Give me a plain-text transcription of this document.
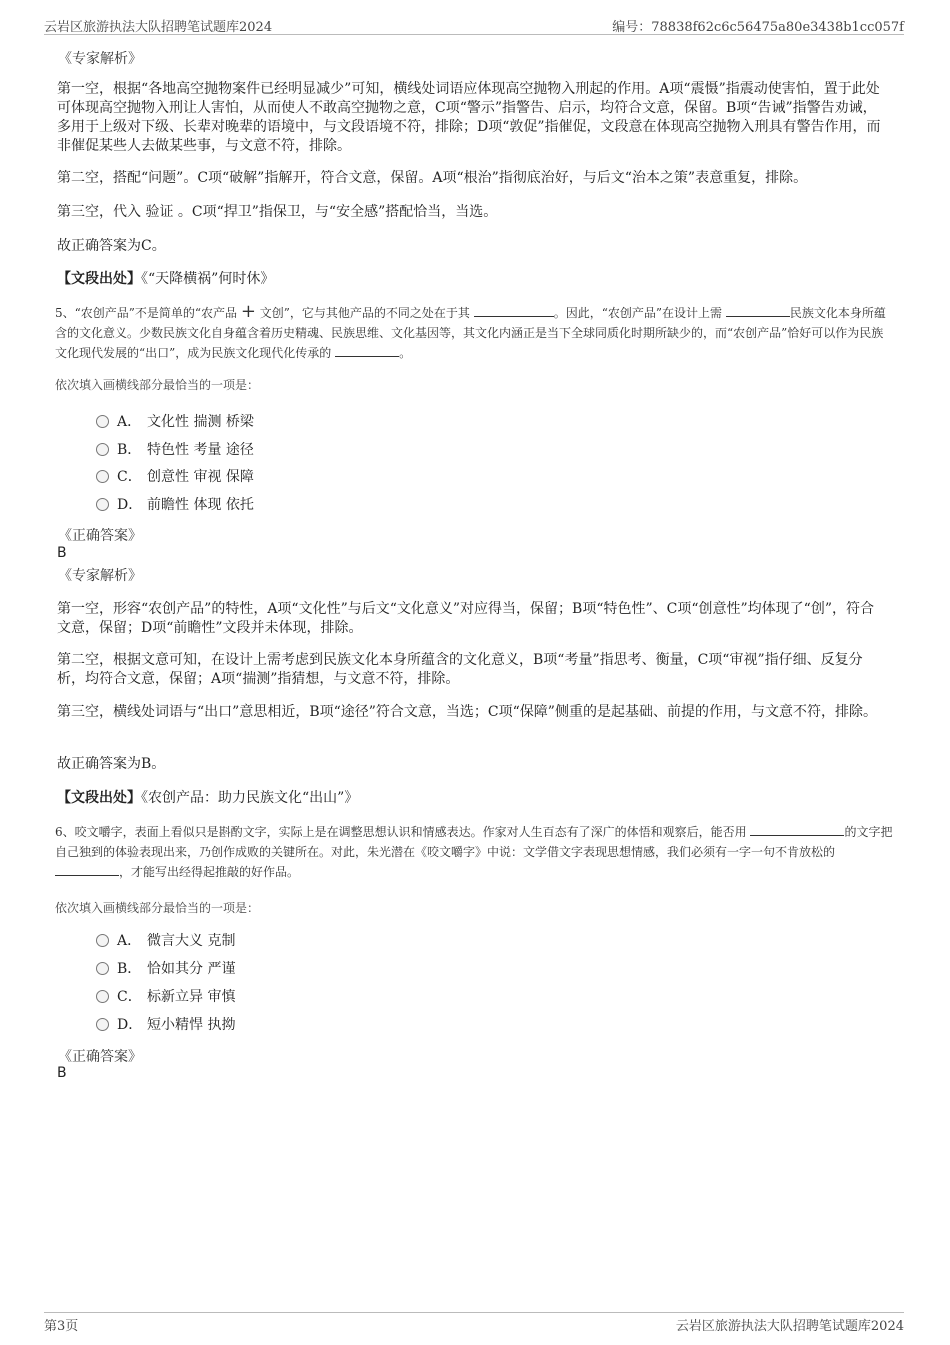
云岩区旅游执法大队招聘笔试题库2024	编号：78838f62c6c56475a80e3438b1cc057f
《专家解析》
第一空，根据“各地高空抛物案件已经明显减少”可知，横线处词语应体现高空抛物入刑起的作用。A项“震慑”指震动使害怕，置于此处可体现高空抛物入刑让人害怕，从而使人不敢高空抛物之意，C项“警示”指警告、启示，均符合文意，保留。B项“告诫”指警告劝诫，多用于上级对下级、长辈对晚辈的语境中，与文段语境不符，排除；D项“敦促”指催促，文段意在体现高空抛物入刑具有警告作用，而非催促某些人去做某些事，与文意不符，排除。
第二空，搭配“问题”。C项“破解”指解开，符合文意，保留。A项“根治”指彻底治好，与后文“治本之策”表意重复，排除。
第三空，代入 验证 。C项“捍卫”指保卫，与“安全感”搭配恰当，当选。
故正确答案为C。
【文段出处】《“天降横祸”何时休》
5、“农创产品”不是简单的“农产品 + 文创”，它与其他产品的不同之处在于其	。因此，“农创产品”在设计上需	民族文化本身所蕴含的文化意义。少数民族文化自身蕴含着历史精魂、民族思维、文化基因等，其文化内涵正是当下全球同质化时期所缺少的，而“农创产品”恰好可以作为民族文化现代发展的“出口”，成为民族文化现代化传承的	。
依次填入画横线部分最恰当的一项是：
A． 文化性 揣测 桥梁
B． 特色性 考量 途径
C． 创意性 审视 保障
D． 前瞻性 体现 依托
《正确答案》
B
《专家解析》
第一空，形容“农创产品”的特性，A项“文化性”与后文“文化意义”对应得当，保留；B项“特色性”、C项“创意性”均体现了“创”，符合文意，保留；D项“前瞻性”文段并未体现，排除。
第二空，根据文意可知，在设计上需考虑到民族文化本身所蕴含的文化意义，B项“考量”指思考、衡量，C项“审视”指仔细、反复分析，均符合文意，保留；A项“揣测”指猜想，与文意不符，排除。
第三空，横线处词语与“出口”意思相近，B项“途径”符合文意，当选；C项“保障”侧重的是起基础、前提的作用，与文意不符，排除。
故正确答案为B。
【文段出处】《农创产品：助力民族文化“出山”》
6、咬文嚼字，表面上看似只是斟酌文字，实际上是在调整思想认识和情感表达。作家对人生百态有了深广的体悟和观察后，能否用	的文字把自己独到的体验表现出来，乃创作成败的关键所在。对此，朱光潜在《咬文嚼字》中说：文学借文字表现思想情感，我们必须有一字一句不肯放松的 ，才能写出经得起推敲的好作品。
依次填入画横线部分最恰当的一项是：
A． 微言大义 克制
B． 恰如其分 严谨
C． 标新立异 审慎
D． 短小精悍 执拗
《正确答案》
B
第3页	云岩区旅游执法大队招聘笔试题库2024
